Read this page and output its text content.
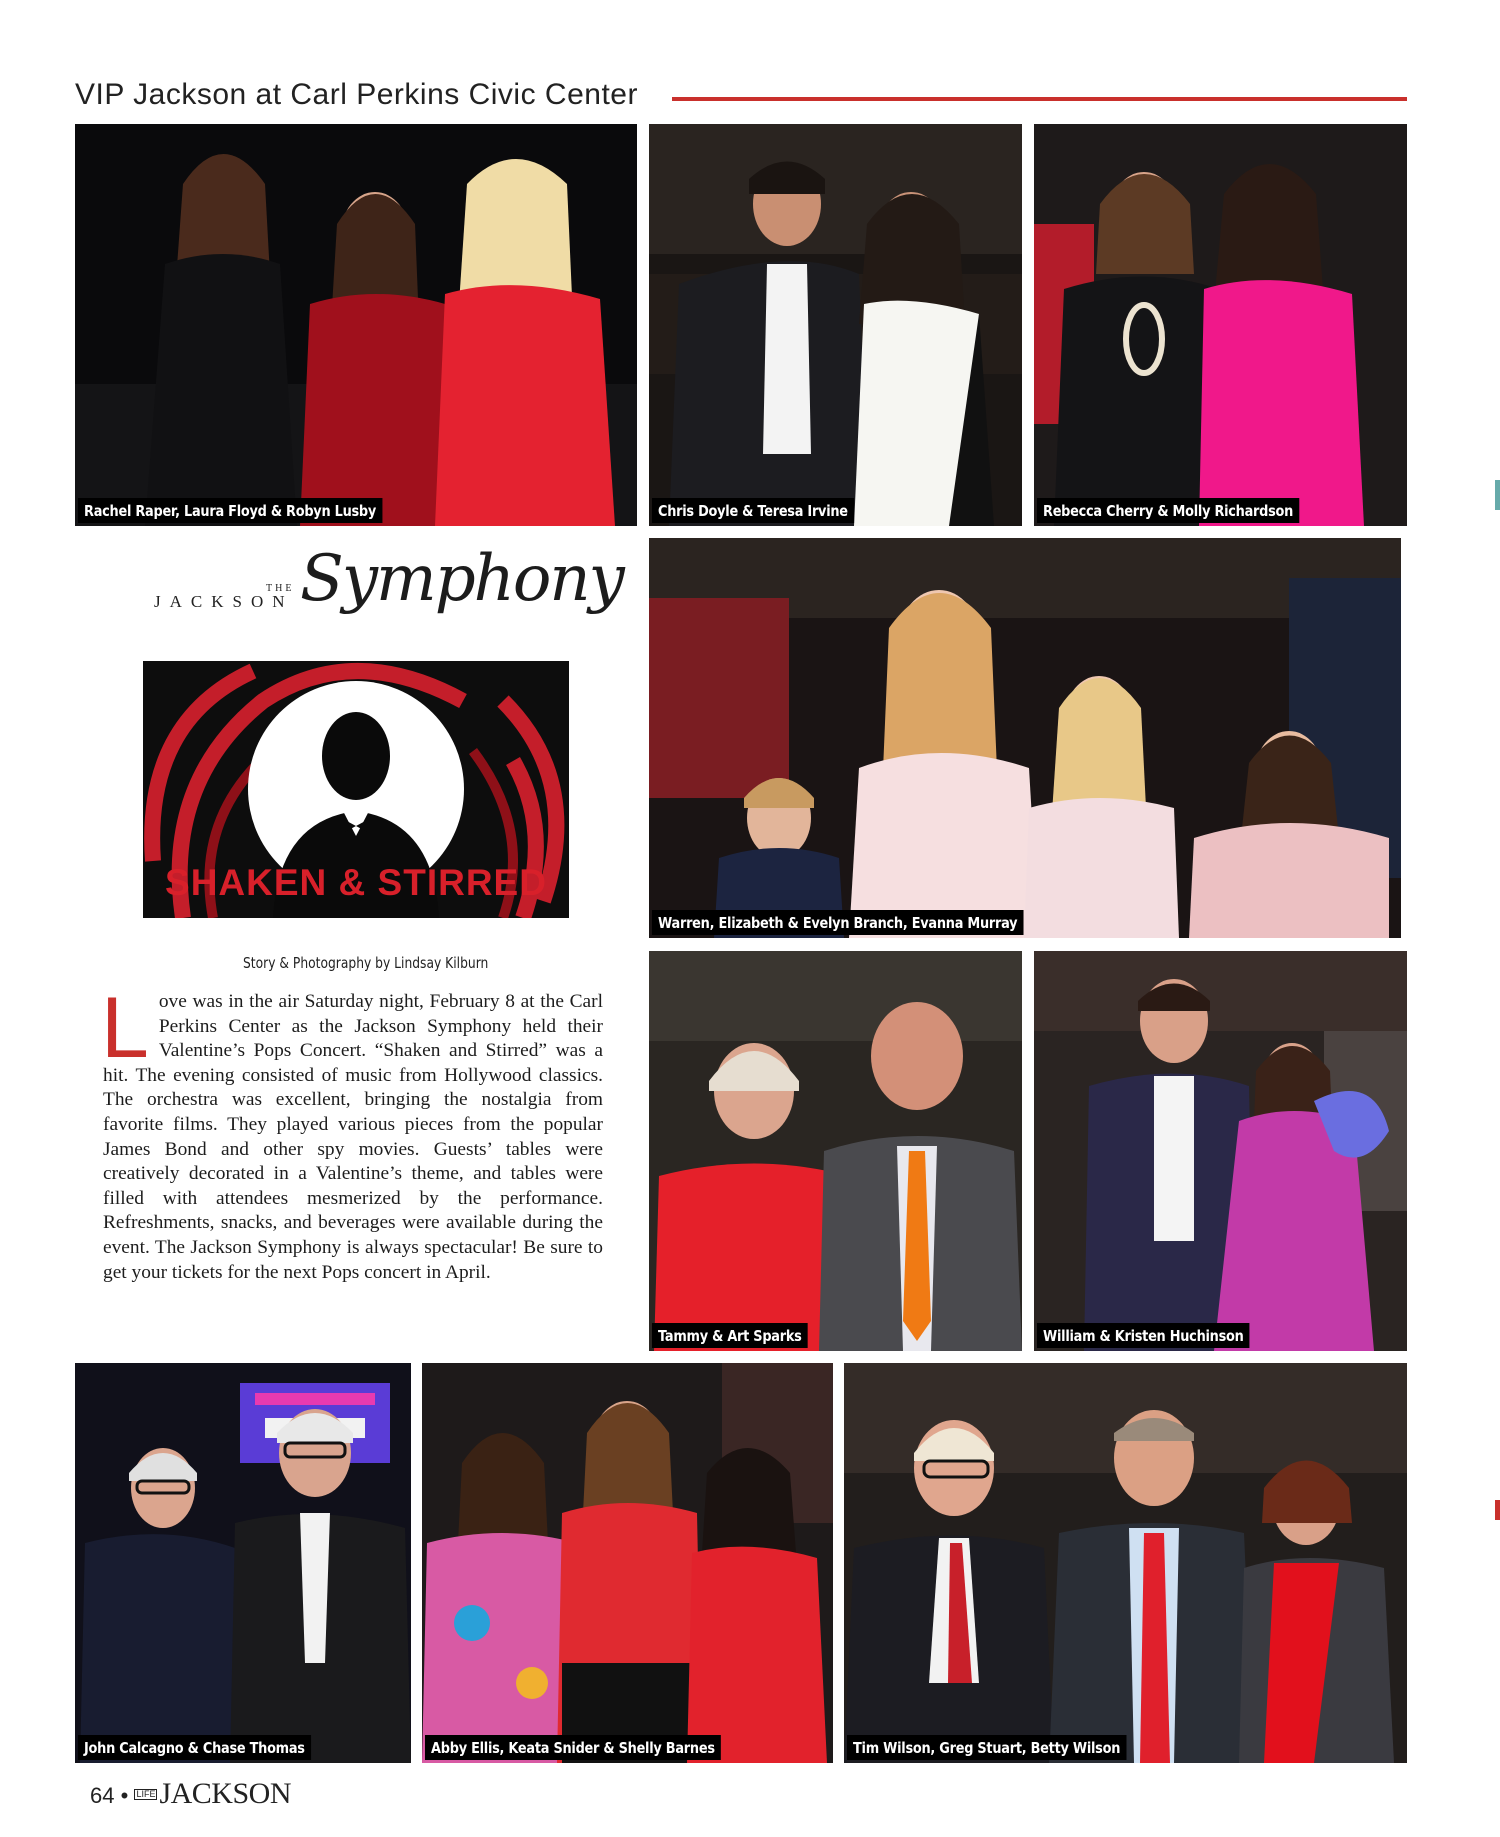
VIP Jackson at Carl Perkins Civic Center
Rachel Raper, Laura Floyd & Robyn Lusby	Chris Doyle & Teresa Irvine	Rebecca Cherry & Molly Richardson
THE
JACKSON Symphony
SHAKEN & STIRRED
Story & Photography by Lindsay Kilburn
Love was in the air Saturday night, February 8 at the Carl Perkins Center as the Jackson Symphony held their Valentine’s Pops Concert. “Shaken and Stirred” was a hit. The evening consisted of music from Hollywood classics. The orchestra was excellent, bringing the nostalgia from favorite films. They played various pieces from the popular James Bond and other spy movies. Guests’ tables were creatively decorated in a Valentine’s theme, and tables were filled with attendees mesmerized by the performance. Refreshments, snacks, and beverages were available during the event. The Jackson Symphony is always spectacular! Be sure to get your tickets for the next Pops concert in April.
Warren, Elizabeth & Evelyn Branch, Evanna Murray
Tammy & Art Sparks	William & Kristen Huchinson
John Calcagno & Chase Thomas	Abby Ellis, Keata Snider & Shelly Barnes	Tim Wilson, Greg Stuart, Betty Wilson
64 • LIFE JACKSON
